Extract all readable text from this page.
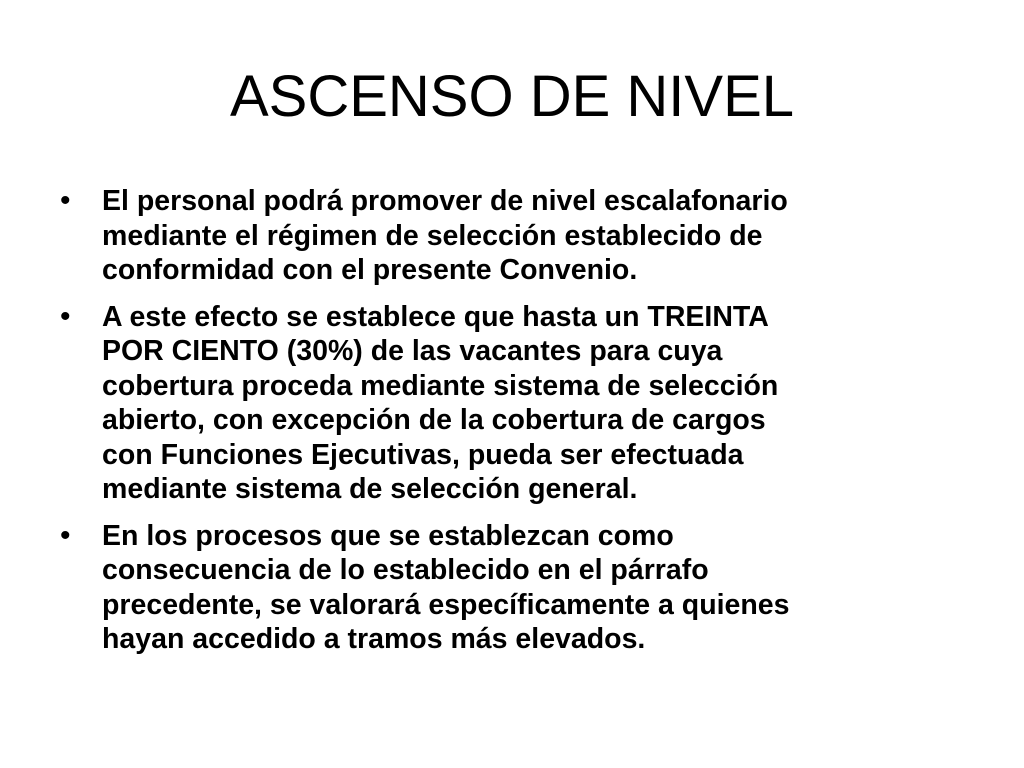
ASCENSO DE NIVEL
• El personal podrá promover de nivel escalafonario
mediante el régimen de selección establecido de
conformidad con el presente Convenio.
• A este efecto se establece que hasta un TREINTA
POR CIENTO (30%) de las vacantes para cuya
cobertura proceda mediante sistema de selección
abierto, con excepción de la cobertura de cargos
con Funciones Ejecutivas, pueda ser efectuada
mediante sistema de selección general.
• En los procesos que se establezcan como
consecuencia de lo establecido en el párrafo
precedente, se valorará específicamente a quienes
hayan accedido a tramos más elevados.
